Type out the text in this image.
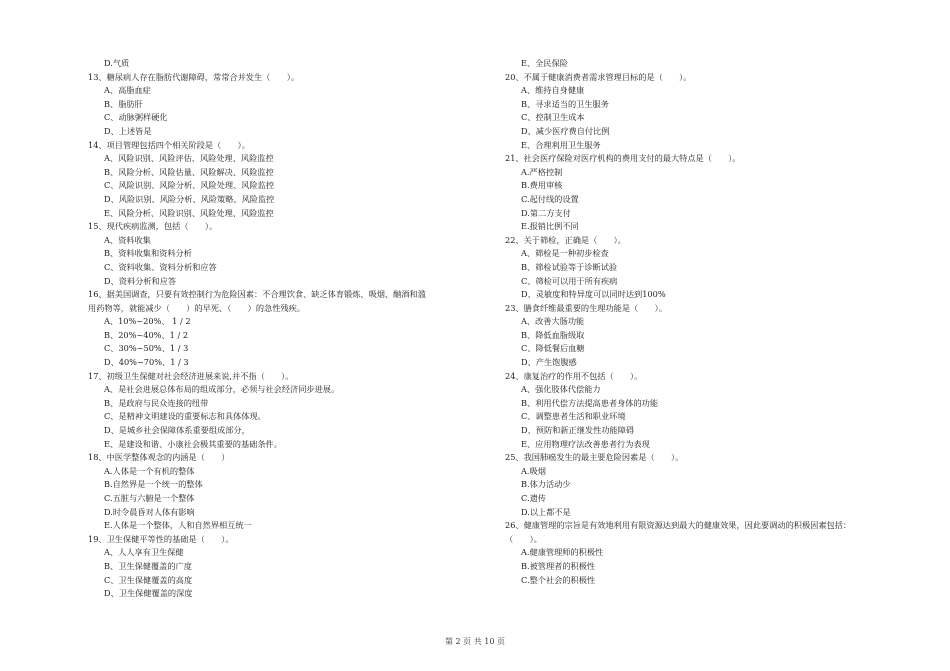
D.气质
13、糖尿病人存在脂肪代谢障碍，常常合并发生（　　）。
A、高脂血症
B、脂肪肝
C、动脉粥样硬化
D、上述皆是
14、项目管理包括四个相关阶段是（　　）。
A、风险识别、风险评估、风险处理、风险监控
B、风险分析、风险估量、风险解决、风险监控
C、风险识别、风险分析、风险处理、风险监控
D、风险识别、风险分析、风险策略、风险监控
E、风险分析、风险识别、风险处理、风险监控
15、现代疾病监测，包括（　　）。
A、资料收集
B、资料收集和资料分析
C、资料收集、资料分析和应答
D、资料分析和应答
16、据美国调查，只要有效控制行为危险因素：不合理饮食、缺乏体育锻炼、吸烟、酗酒和滥
用药物等，就能减少（　　）的早死、（　　）的急性残疾。
A、10%~20%、 1 / 2
B、20%~40%、1 / 2
C、30%~50%、1 / 3
D、40%~70%、1 / 3
17、初级卫生保健对社会经济进展来说,并不指（　　）。
A、是社会进展总体布局的组成部分，必须与社会经济同步进展。
B、是政府与民众连接的纽带
C、是精神文明建设的重要标志和具体体现。
D、是城乡社会保障体系重要组成部分，
E、是建设和谐、小康社会极其重要的基础条件。
18、中医学整体观念的内涵是（　　）
A.人体是一个有机的整体
B.自然界是一个统一的整体
C.五脏与六腑是一个整体
D.时令晨昏对人体有影响
E.人体是一个整体，人和自然界相互统一
19、卫生保健平等性的基础是（　　）。
A、人人享有卫生保健
B、卫生保健覆盖的广度
C、卫生保健覆盖的高度
D、卫生保健覆盖的深度
E、全民保险
20、不属于健康消费者需求管理目标的是（　　）。
A、维持自身健康
B、寻求适当的卫生服务
C、控制卫生成本
D、减少医疗费自付比例
E、合理利用卫生服务
21、社会医疗保险对医疗机构的费用支付的最大特点是（　　）。
A.严格控制
B.费用审核
C.起付线的设置
D.第二方支付
E.报销比例不同
22、关于筛检，正确是（　　）。
A、筛检是一种初步检查
B、筛检试验等于诊断试验
C、筛检可以用于所有疾病
D、灵敏度和特异度可以同时达到100%
23、膳食纤维最重要的生理功能是（　　）。
A、改善大肠功能
B、降低血脂级取
C、降低餐后血糖
D、产生饱腹感
24、康复治疗的作用不包括（　　）。
A、强化肢体代偿能力
B、利用代偿方法提高患者身体的功能
C、调整患者生活和职业环境
D、预防和新正继发性功能障碍
E、应用物理疗法改善患者行为表现
25、我国肺癌发生的最主要危险因素是（　　）。
A.吸烟
B.体力活动少
C.遗传
D.以上都不是
26、健康管理的宗旨是有效地利用有限资源达到最大的健康效果，因此要调动的积极因素包括：
（　　）。
A.健康管理师的积极性
B.被管理者的积极性
C.整个社会的积极性
第 2 页 共 10 页
